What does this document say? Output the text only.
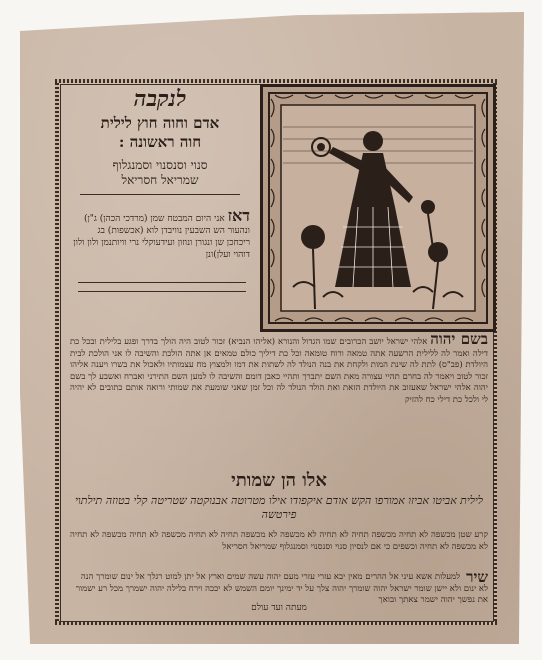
לנקבה
אדם וחוה חוץ לילית
חוה ראשונה :
סנוי וסנסנוי וסמנגלוף
שמריאל חסריאל
דאז אני היום המבטח שמן (מרדכי הכהן) ג"ן) ונהעור הש השבעין נוויבדן לוא (אכשפות) בג ריכחכן שן ונגורן ונוזון ועידעוקלי נרי וויותנמן ולון ולון דוהוי ועלן)ונן
בשם יהוה אלהי ישראל יושב הכרובים שמו הגדול והנורא (אליהו הנביא) זכור לטוב היה הולך בדרך ופגע בלילית ובכל כת דילה ואמר לה ללילית הרשעה אתה טמאה ורוח טומאה וכל כת דיליך כולם טמאים אן אתה הולכת והשיבה לו אני הולכת לבית היולדת (פב"ס) לתת לה שינת המות ולקחת את בנה הנולד לה לשתות את דמו ולמצוץ מח עצמותיו ולאכול את בשרו ויענה אליהו זכור לטוב ויאמר לה בחרם תהיי עצורה מאת השם יתברך ותהיי כאבן דומם והשיבה לו למען השם התירני ואברח ואשבע לך בשם יהוה אלהי ישראל שאעזוב את היולדת הזאת ואת הולד הנולד לה וכל זמן שאני שומעת את שמותי ורואה אותם כתובים לא יהיה לי ולכל כת דילי כח להזיק
אלו הן שמותי
לילית אביטו אביזו אמורפו הקש אודם איקפודו אילו מטרוטה אבנוקטה שטריטה קלי בטוזה תילתוי פירטשה
קרע שטן מכשפה לא תחיה מכשפה תחיה לא תחיה לא מכשפה לא מכשפה תחיה לא תחיה מכשפה לא תחיה מכשפה לא תחיה לא מכשפה לא תחיה וכשפים כי אם לנסיון סנוי וסנסנוי וסמנגלוף שמריאל חסריאל
שיר
למעלות אשא עיני אל ההרים מאין יבא עזרי עזרי מעם יהוה עשה שמים וארץ אל יתן למוט רגלך אל ינום שומרך הנה לא ינום ולא יישן שומר ישראל יהוה שומרך יהוה צלך על יד ימינך יומם השמש לא יככה וירח בלילה יהוה ישמרך מכל רע ישמור את נפשך יהוה ישמר צאתך ובואך
מעתה ועד עולם
